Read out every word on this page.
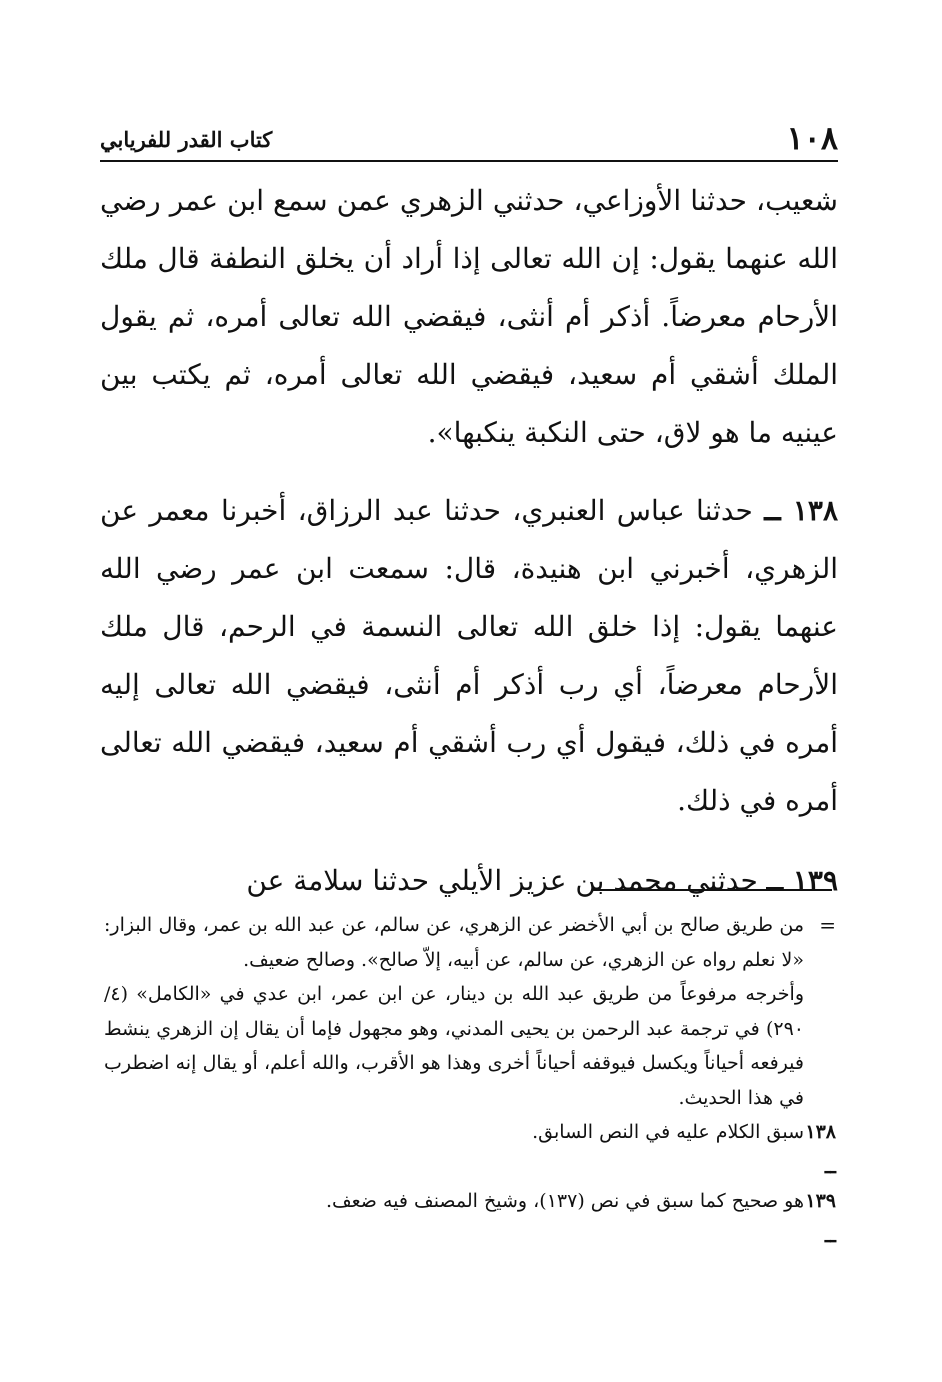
١٠٨
كتاب القدر للفريابي

شعيب، حدثنا الأوزاعي، حدثني الزهري عمن سمع ابن عمر رضي الله عنهما يقول: إن الله تعالى إذا أراد أن يخلق النطفة قال ملك الأرحام معرضاً. أذكر أم أنثى، فيقضي الله تعالى أمره، ثم يقول الملك أشقي أم سعيد، فيقضي الله تعالى أمره، ثم يكتب بين عينيه ما هو لاق، حتى النكبة ينكبها».

١٣٨ ــ حدثنا عباس العنبري، حدثنا عبد الرزاق، أخبرنا معمر عن الزهري، أخبرني ابن هنيدة، قال: سمعت ابن عمر رضي الله عنهما يقول: إذا خلق الله تعالى النسمة في الرحم، قال ملك الأرحام معرضاً، أي رب أذكر أم أنثى، فيقضي الله تعالى إليه أمره في ذلك، فيقول أي رب أشقي أم سعيد، فيقضي الله تعالى أمره في ذلك.

١٣٩ ــ حدثني محمد بن عزيز الأيلي حدثنا سلامة عن

=

من طريق صالح بن أبي الأخضر عن الزهري، عن سالم، عن عبد الله بن عمر، وقال البزار: «لا نعلم رواه عن الزهري، عن سالم، عن أبيه، إلاّ صالح». وصالح ضعيف.

وأخرجه مرفوعاً من طريق عبد الله بن دينار، عن ابن عمر، ابن عدي في «الكامل» (٤/ ٢٩٠) في ترجمة عبد الرحمن بن يحيى المدني، وهو مجهول فإما أن يقال إن الزهري ينشط فيرفعه أحياناً ويكسل فيوقفه أحياناً أخرى وهذا هو الأقرب، والله أعلم، أو يقال إنه اضطرب في هذا الحديث.

١٣٨ ــ
سبق الكلام عليه في النص السابق.

١٣٩ ــ
هو صحيح كما سبق في نص (١٣٧)، وشيخ المصنف فيه ضعف.
